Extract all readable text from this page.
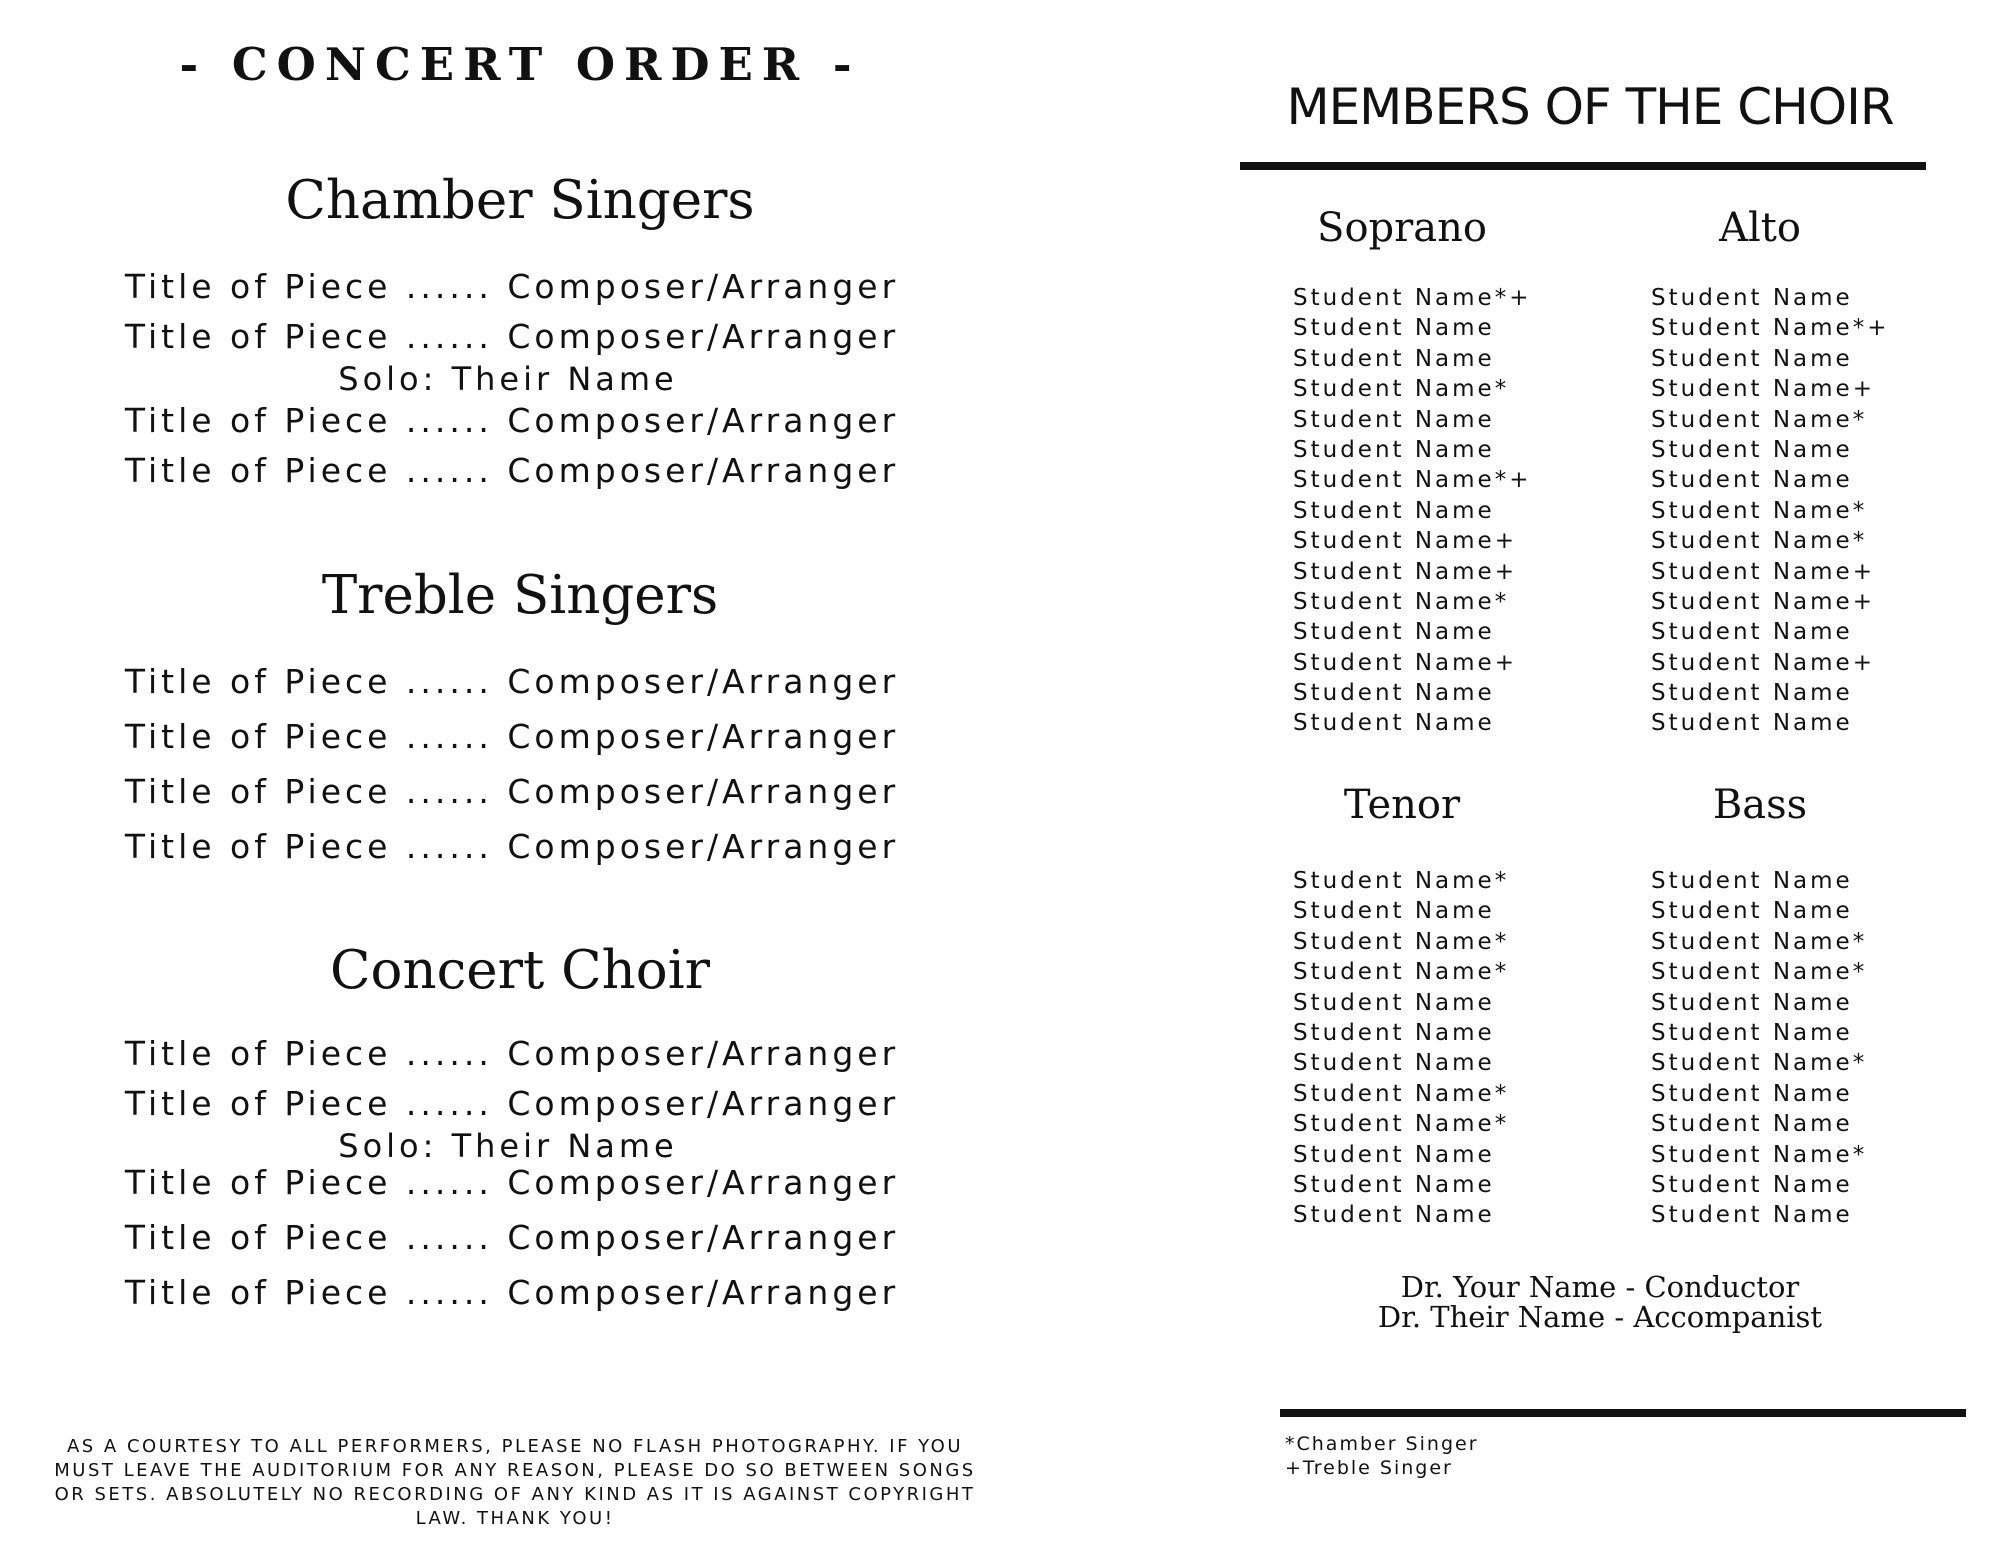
- CONCERT ORDER -
Chamber Singers
Title of Piece ...... Composer/Arranger
Title of Piece ...... Composer/Arranger
Solo: Their Name
Title of Piece ...... Composer/Arranger
Title of Piece ...... Composer/Arranger
Treble Singers
Title of Piece ...... Composer/Arranger
Title of Piece ...... Composer/Arranger
Title of Piece ...... Composer/Arranger
Title of Piece ...... Composer/Arranger
Concert Choir
Title of Piece ...... Composer/Arranger
Title of Piece ...... Composer/Arranger
Solo: Their Name
Title of Piece ...... Composer/Arranger
Title of Piece ...... Composer/Arranger
Title of Piece ...... Composer/Arranger
AS A COURTESY TO ALL PERFORMERS, PLEASE NO FLASH PHOTOGRAPHY. IF YOU MUST LEAVE THE AUDITORIUM FOR ANY REASON, PLEASE DO SO BETWEEN SONGS OR SETS. ABSOLUTELY NO RECORDING OF ANY KIND AS IT IS AGAINST COPYRIGHT LAW. THANK YOU!
MEMBERS OF THE CHOIR
Soprano	Alto
Student Name*+
Student Name
Student Name
Student Name*
Student Name
Student Name
Student Name*+
Student Name
Student Name+
Student Name+
Student Name*
Student Name
Student Name+
Student Name
Student Name
Student Name
Student Name*+
Student Name
Student Name+
Student Name*
Student Name
Student Name
Student Name*
Student Name*
Student Name+
Student Name+
Student Name
Student Name+
Student Name
Student Name
Tenor	Bass
Student Name*
Student Name
Student Name*
Student Name*
Student Name
Student Name
Student Name
Student Name*
Student Name*
Student Name
Student Name
Student Name
Student Name
Student Name
Student Name*
Student Name*
Student Name
Student Name
Student Name*
Student Name
Student Name
Student Name*
Student Name
Student Name
Dr. Your Name - Conductor
Dr. Their Name - Accompanist
*Chamber Singer
+Treble Singer
